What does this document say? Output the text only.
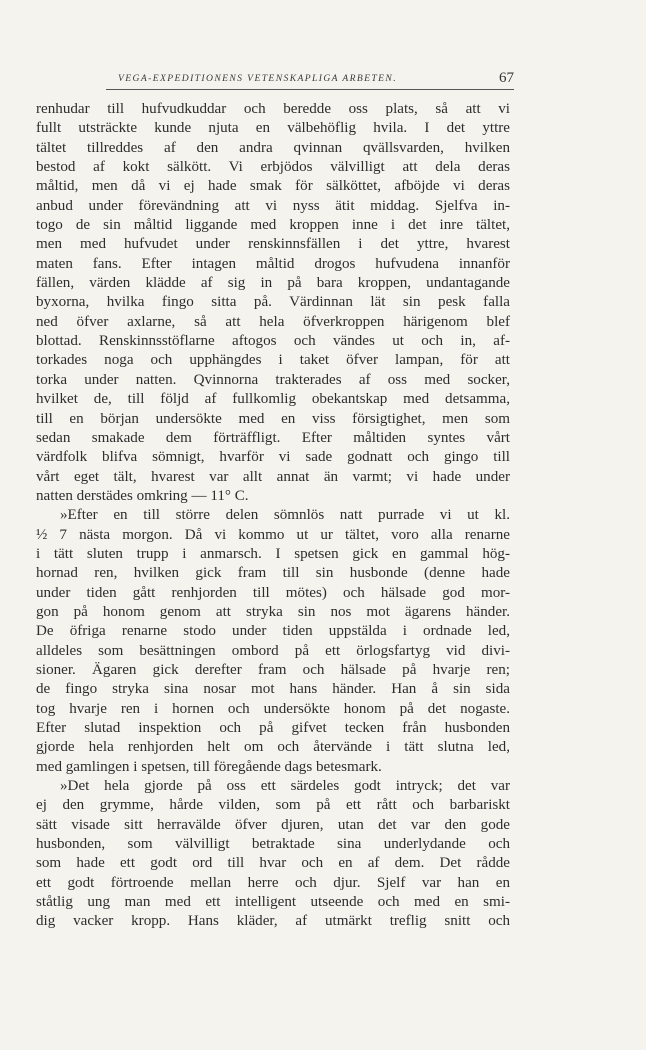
VEGA-EXPEDITIONENS VETENSKAPLIGA ARBETEN.	67
renhudar till hufvudkuddar och beredde oss plats, så att vi
fullt utsträckte kunde njuta en välbehöflig hvila. I det yttre
tältet tillreddes af den andra qvinnan qvällsvarden, hvilken
bestod af kokt sälkött. Vi erbjödos välvilligt att dela deras
måltid, men då vi ej hade smak för sälköttet, afböjde vi deras
anbud under förevändning att vi nyss ätit middag. Sjelfva in-
togo de sin måltid liggande med kroppen inne i det inre tältet,
men med hufvudet under renskinnsfällen i det yttre, hvarest
maten fans. Efter intagen måltid drogos hufvudena innanför
fällen, värden klädde af sig in på bara kroppen, undantagande
byxorna, hvilka fingo sitta på. Värdinnan lät sin pesk falla
ned öfver axlarne, så att hela öfverkroppen härigenom blef
blottad. Renskinnsstöflarne aftogos och vändes ut och in, af-
torkades noga och upphängdes i taket öfver lampan, för att
torka under natten. Qvinnorna trakterades af oss med socker,
hvilket de, till följd af fullkomlig obekantskap med detsamma,
till en början undersökte med en viss försigtighet, men som
sedan smakade dem förträffligt. Efter måltiden syntes vårt
värdfolk blifva sömnigt, hvarför vi sade godnatt och gingo till
vårt eget tält, hvarest var allt annat än varmt; vi hade under
natten derstädes omkring — 11° C.
»Efter en till större delen sömnlös natt purrade vi ut kl.
½ 7 nästa morgon. Då vi kommo ut ur tältet, voro alla renarne
i tätt sluten trupp i anmarsch. I spetsen gick en gammal hög-
hornad ren, hvilken gick fram till sin husbonde (denne hade
under tiden gått renhjorden till mötes) och hälsade god mor-
gon på honom genom att stryka sin nos mot ägarens händer.
De öfriga renarne stodo under tiden uppstälda i ordnade led,
alldeles som besättningen ombord på ett örlogsfartyg vid divi-
sioner. Ägaren gick derefter fram och hälsade på hvarje ren;
de fingo stryka sina nosar mot hans händer. Han å sin sida
tog hvarje ren i hornen och undersökte honom på det nogaste.
Efter slutad inspektion och på gifvet tecken från husbonden
gjorde hela renhjorden helt om och återvände i tätt slutna led,
med gamlingen i spetsen, till föregående dags betesmark.
»Det hela gjorde på oss ett särdeles godt intryck; det var
ej den grymme, hårde vilden, som på ett rått och barbariskt
sätt visade sitt herravälde öfver djuren, utan det var den gode
husbonden, som välvilligt betraktade sina underlydande och
som hade ett godt ord till hvar och en af dem. Det rådde
ett godt förtroende mellan herre och djur. Sjelf var han en
ståtlig ung man med ett intelligent utseende och med en smi-
dig vacker kropp. Hans kläder, af utmärkt treflig snitt och
